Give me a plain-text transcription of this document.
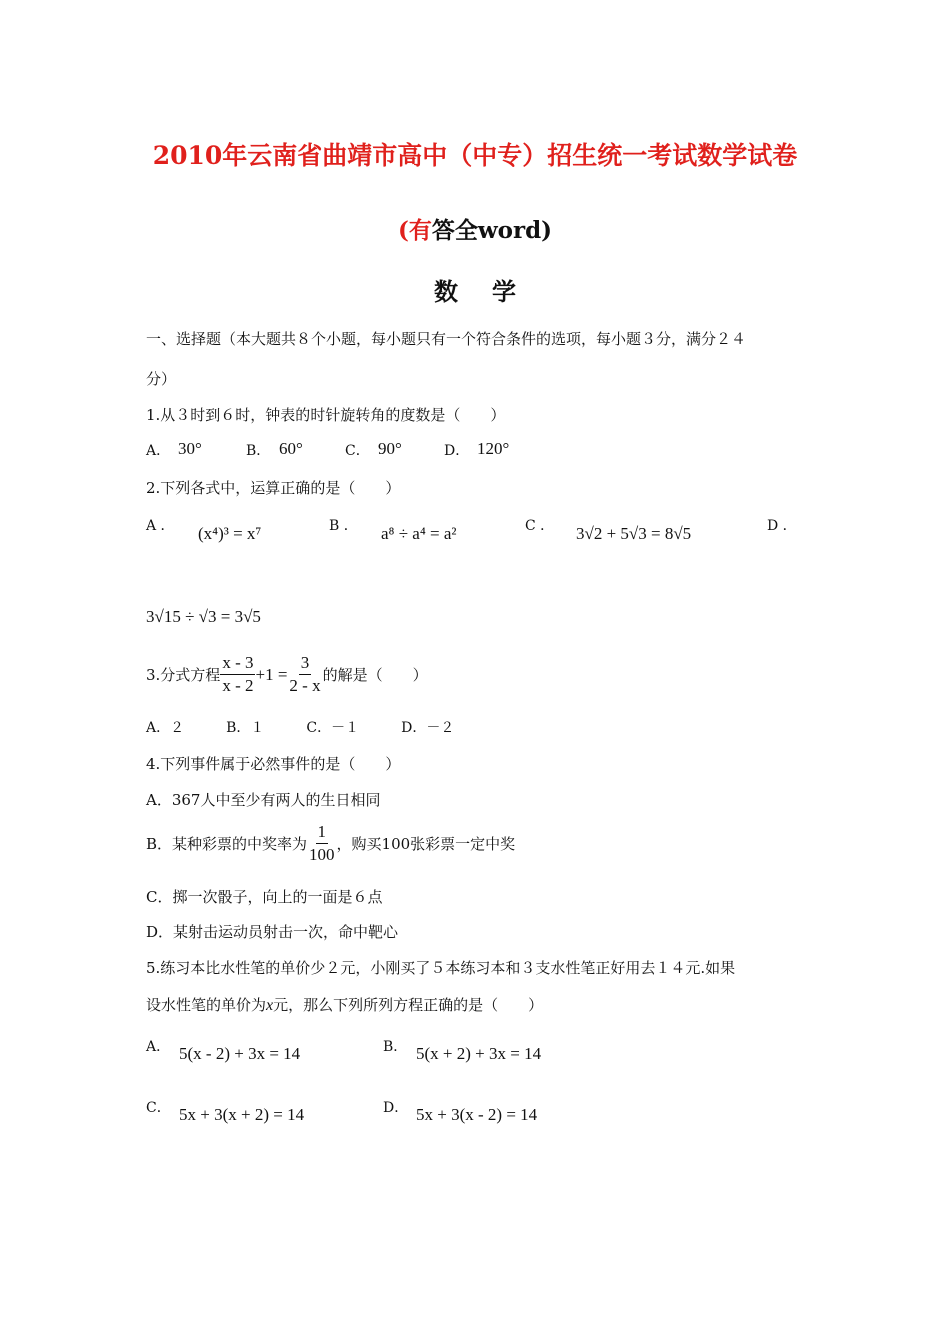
2010年云南省曲靖市高中（中专）招生统一考试数学试卷
(有答全word)
数学
一、选择题（本大题共８个小题，每小题只有一个符合条件的选项，每小题３分，满分２４
分）
1.从３时到６时，钟表的时针旋转角的度数是（　　）
A． 30°	B． 60°	C． 90°	D． 120°
2.下列各式中，运算正确的是（　　）
A ． (x⁴)³ = x⁷	B ． a⁸ ÷ a⁴ = a²	C ． 3√2 + 5√3 = 8√5	D ．
3√15 ÷ √3 = 3√5
3.分式方程 $\frac{x - 3}{x - 2} +1 = \frac{3}{2 - x}$ 的解是（　　）
A．２　　　B．１　　　C．－１　　　D．－２
4.下列事件属于必然事件的是（　　）
A．367人中至少有两人的生日相同
B．某种彩票的中奖率为 $\frac{1}{100}$ ，购买100张彩票一定中奖
C．掷一次骰子，向上的一面是６点
D．某射击运动员射击一次，命中靶心
5.练习本比水性笔的单价少２元，小刚买了５本练习本和３支水性笔正好用去１４元.如果
设水性笔的单价为x元，那么下列所列方程正确的是（　　）
A． 5(x - 2) + 3x = 14	B． 5(x + 2) + 3x = 14
C． 5x + 3(x + 2) = 14	D． 5x + 3(x - 2) = 14
